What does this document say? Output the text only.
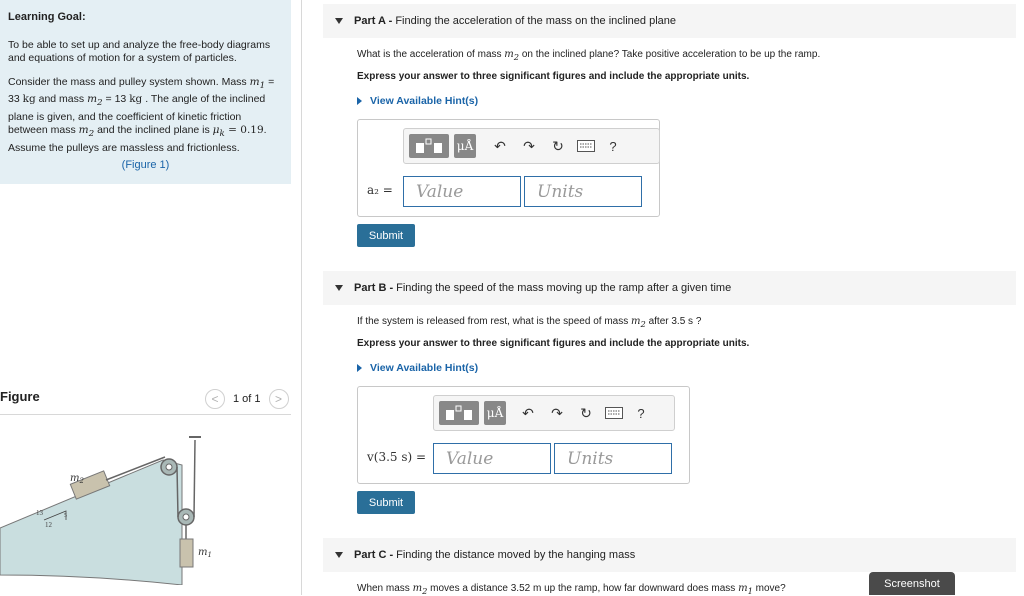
Learning Goal:

To be able to set up and analyze the free-body diagrams and equations of motion for a system of particles.

Consider the mass and pulley system shown. Mass $m_1 = 33$ kg and mass $m_2 = 13$ kg . The angle of the inclined plane is given, and the coefficient of kinetic friction between mass $m_2$ and the inclined plane is $\mu_k = 0.19$. Assume the pulleys are massless and frictionless.

(Figure 1)
Figure	<	1 of 1	>
13	5
12
$m_2$
$m_1$
Part A - Finding the acceleration of the mass on the inclined plane
What is the acceleration of mass $m_2$ on the inclined plane? Take positive acceleration to be up the ramp.
Express your answer to three significant figures and include the appropriate units.
View Available Hint(s)
μÅ	↶	↷	↻	?
a₂ =	Value	Units
Submit
Part B - Finding the speed of the mass moving up the ramp after a given time
If the system is released from rest, what is the speed of mass $m_2$ after 3.5 s ?
Express your answer to three significant figures and include the appropriate units.
View Available Hint(s)
μÅ	↶	↷	↻	?
v(3.5 s) =	Value	Units
Submit
Part C - Finding the distance moved by the hanging mass
When mass $m_2$ moves a distance 3.52 m up the ramp, how far downward does mass $m_1$ move?	Screenshot
